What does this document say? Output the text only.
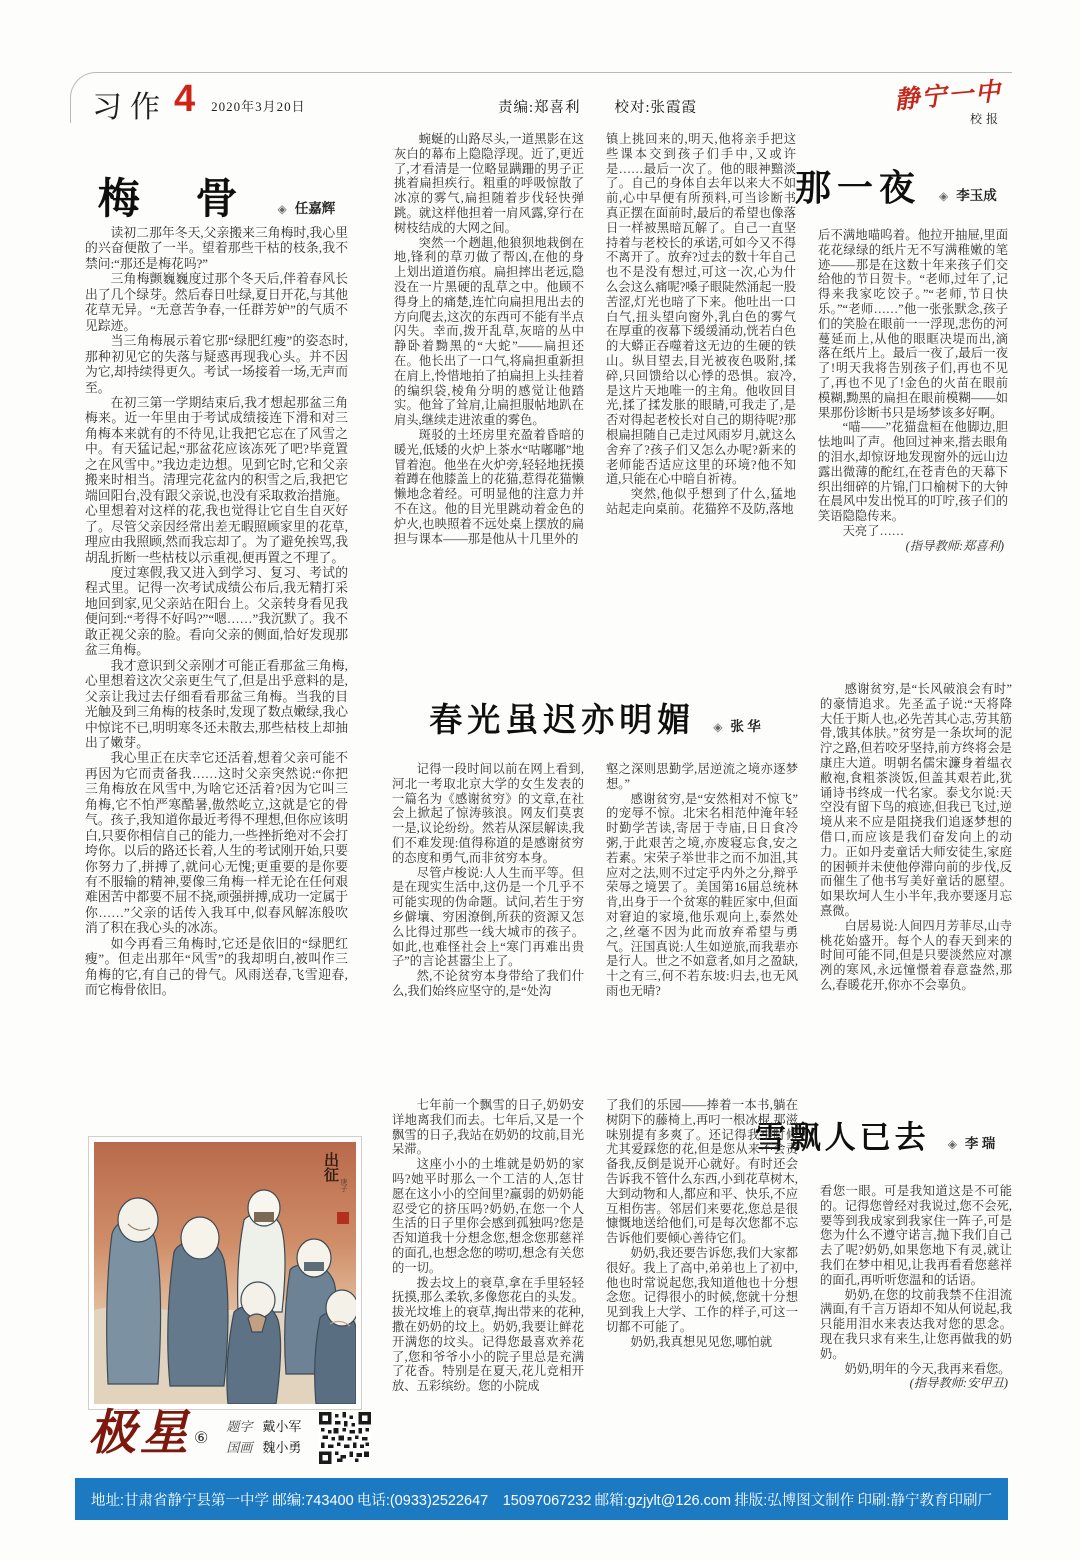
习作 4 2020年3月20日	责编:郑喜利 校对:张霞霞	静宁一中
校报
梅 骨 ◈ 任嘉辉

读初二那年冬天,父亲搬来三角梅时,我心里的兴奋便散了一半。望着那些干枯的枝条,我不禁问:“那还是梅花吗?”

三角梅颤巍巍度过那个冬天后,伴着春风长出了几个绿芽。然后春日吐绿,夏日开花,与其他花草无异。“无意苦争春,一任群芳妒”的气质不见踪迹。

当三角梅展示着它那“绿肥红瘦”的姿态时,那种初见它的失落与疑惑再现我心头。并不因为它,却持续得更久。考试一场接着一场,无声而至。

在初三第一学期结束后,我才想起那盆三角梅来。近一年里由于考试成绩接连下滑和对三角梅本来就有的不待见,让我把它忘在了风雪之中。有天猛记起,“那盆花应该冻死了吧?毕竟置之在风雪中。”我边走边想。见到它时,它和父亲搬来时相当。清理完花盆内的积雪之后,我把它端回阳台,没有跟父亲说,也没有采取救治措施。心里想着对这样的花,我也觉得让它自生自灭好了。尽管父亲因经常出差无暇照顾家里的花草,理应由我照顾,然而我忘却了。为了避免挨骂,我胡乱折断一些枯枝以示重视,便再置之不理了。

度过寒假,我又进入到学习、复习、考试的程式里。记得一次考试成绩公布后,我无精打采地回到家,见父亲站在阳台上。父亲转身看见我便问到:“考得不好吗?”“嗯……”我沉默了。我不敢正视父亲的脸。看向父亲的侧面,恰好发现那盆三角梅。

我才意识到父亲刚才可能正看那盆三角梅,心里想着这次父亲更生气了,但是出乎意料的是,父亲让我过去仔细看看那盆三角梅。当我的目光触及到三角梅的枝条时,发现了数点嫩绿,我心中惊诧不已,明明寒冬还未散去,那些枯枝上却抽出了嫩芽。

我心里正在庆幸它还活着,想着父亲可能不再因为它而责备我……这时父亲突然说:“你把三角梅放在风雪中,为啥它还活着?因为它叫三角梅,它不怕严寒酷暑,傲然屹立,这就是它的骨气。孩子,我知道你最近考得不理想,但你应该明白,只要你相信自己的能力,一些挫折绝对不会打垮你。以后的路还长着,人生的考试刚开始,只要你努力了,拼搏了,就问心无愧;更重要的是你要有不服输的精神,要像三角梅一样无论在任何艰难困苦中都要不屈不挠,顽强拼搏,成功一定属于你……”父亲的话传入我耳中,似春风解冻般吹消了积在我心头的冰冻。

如今再看三角梅时,它还是依旧的“绿肥红瘦”。但走出那年“风雪”的我却明白,被叫作三角梅的它,有自己的骨气。风雨送春,飞雪迎春,而它梅骨依旧。

那一夜 ◈ 李玉成

蜿蜒的山路尽头,一道黑影在这灰白的幕布上隐隐浮现。近了,更近了,才看清是一位略显蹒跚的男子正挑着扁担疾行。粗重的呼吸惊散了冰凉的雾气,扁担随着步伐轻快弹跳。就这样他担着一肩风露,穿行在树枝结成的大网之间。

突然一个趔趄,他狼狈地栽倒在地,锋利的草刃做了帮凶,在他的身上划出道道伤痕。扁担摔出老远,隐没在一片黑硬的乱草之中。他顾不得身上的痛楚,连忙向扁担甩出去的方向爬去,这次的东西可不能有半点闪失。幸而,拨开乱草,灰暗的丛中静卧着黝黑的“大蛇”——扁担还在。他长出了一口气,将扁担重新担在肩上,怜惜地拍了拍扁担上头挂着的编织袋,棱角分明的感觉让他踏实。他耸了耸肩,让扁担服帖地趴在肩头,继续走进浓重的雾色。

斑驳的土坯房里充盈着昏暗的暖光,低矮的火炉上茶水“咕嘟嘟”地冒着泡。他坐在火炉旁,轻轻地抚摸着蹲在他膝盖上的花猫,惹得花猫懒懒地念着经。可明显他的注意力并不在这。他的目光里跳动着金色的炉火,也映照着不远处桌上摆放的扁担与课本——那是他从十几里外的

镇上挑回来的,明天,他将亲手把这些课本交到孩子们手中,又或许是……最后一次了。他的眼神黯淡了。自己的身体自去年以来大不如前,心中早便有所预料,可当诊断书真正摆在面前时,最后的希望也像落日一样被黑暗瓦解了。自己一直坚持着与老校长的承诺,可如今又不得不离开了。放弃?过去的数十年自己也不是没有想过,可这一次,心为什么会这么痛呢?嗓子眼陡然涌起一股苦涩,灯光也暗了下来。他吐出一口白气,扭头望向窗外,乳白色的雾气在厚重的夜幕下缓缓涌动,恍若白色的大蟒正吞噬着这无边的生硬的铁山。纵目望去,目光被夜色吸附,揉碎,只回馈给以心悸的恐惧。寂冷,是这片天地唯一的主角。他收回目光,揉了揉发胀的眼睛,可我走了,是否对得起老校长对自己的期待呢?那根扁担随自己走过风雨岁月,就这么舍弃了?孩子们又怎么办呢?新来的老师能否适应这里的环境?他不知道,只能在心中暗自祈祷。

突然,他似乎想到了什么,猛地站起走向桌前。花猫猝不及防,落地

后不满地喵呜着。他拉开抽屉,里面花花绿绿的纸片无不写满稚嫩的笔迹——那是在这数十年来孩子们交给他的节日贺卡。“老师,过年了,记得来我家吃饺子。”“老师,节日快乐。”“老师……”他一张张默念,孩子们的笑脸在眼前一一浮现,悲伤的河蔓延而上,从他的眼眶决堤而出,滴落在纸片上。最后一夜了,最后一夜了!明天我将告别孩子们,再也不见了,再也不见了!金色的火苗在眼前模糊,黝黑的扁担在眼前模糊——如果那份诊断书只是场梦该多好啊。

“喵——”花猫盘桓在他脚边,胆怯地叫了声。他回过神来,揩去眼角的泪水,却惊讶地发现窗外的远山边露出微薄的酡红,在苍青色的天幕下织出细碎的片锦,门口榆树下的大钟在晨风中发出悦耳的叮咛,孩子们的笑语隐隐传来。

天亮了……

(指导教师:郑喜利)

春光虽迟亦明媚 ◈ 张 华

记得一段时间以前在网上看到,河北一考取北京大学的女生发表的一篇名为《感谢贫穷》的文章,在社会上掀起了惊涛骇浪。网友们莫衷一是,议论纷纷。然若从深层解读,我们不难发现:值得称道的是感谢贫穷的态度和勇气,而非贫穷本身。

尽管卢梭说:人人生而平等。但是在现实生活中,这仍是一个几乎不可能实现的伪命题。试问,若生于穷乡僻壤、穷困潦倒,所获的资源又怎么比得过那些一线大城市的孩子。如此,也难怪社会上“寒门再难出贵子”的言论甚嚣尘上了。

然,不论贫穷本身带给了我们什么,我们始终应坚守的,是“处沟

壑之深则思勤学,居逆流之境亦逐梦想。”

感谢贫穷,是“安然相对不惊飞”的宠辱不惊。北宋名相范仲淹年轻时勤学苦读,寄居于寺庙,日日食冷粥,于此艰苦之境,亦废寝忘食,安之若素。宋荣子举世非之而不加沮,其应对之法,则不过定乎内外之分,辩乎荣辱之境罢了。美国第16届总统林肯,出身于一个贫寒的鞋匠家中,但面对窘迫的家境,他乐观向上,泰然处之,丝毫不因为此而放弃希望与勇气。汪国真说:人生如逆旅,而我辈亦是行人。世之不如意者,如月之盈缺,十之有三,何不若东坡:归去,也无风雨也无晴?

感谢贫穷,是“长风破浪会有时”的豪情追求。先圣孟子说:“天将降大任于斯人也,必先苦其心志,劳其筋骨,饿其体肤。”贫穷是一条坎坷的泥泞之路,但若咬牙坚持,前方终将会是康庄大道。明朝名儒宋濂身着缊衣敝袍,食粗茶淡饭,但盖其艰若此,犹诵诗书终成一代名家。泰戈尔说:天空没有留下鸟的痕迹,但我已飞过,逆境从来不应是阻挠我们追逐梦想的借口,而应该是我们奋发向上的动力。正如丹麦童话大师安徒生,家庭的困顿并未使他停滞向前的步伐,反而催生了他书写美好童话的愿望。如果坎坷人生小半年,我亦要逐月忘熹微。

白居易说:人间四月芳菲尽,山寺桃花始盛开。每个人的春天到来的时间可能不同,但是只要淡然应对凛冽的寒风,永远憧憬着春意盎然,那么,春暖花开,你亦不会辜负。

雪飘人已去 ◈ 李 瑞

七年前一个飘雪的日子,奶奶安详地离我们而去。七年后,又是一个飘雪的日子,我站在奶奶的坟前,目光呆滞。

这座小小的土堆就是奶奶的家吗?她平时那么一个工洁的人,怎甘愿在这小小的空间里?羸弱的奶奶能忍受它的挤压吗?奶奶,在您一个人生活的日子里你会感到孤独吗?您是否知道我十分想念您,想念您那慈祥的面孔,也想念您的唠叨,想念有关您的一切。

拨去坟上的衰草,拿在手里轻轻抚摸,那么柔软,多像您花白的头发。拔光坟堆上的衰草,掏出带来的花种,撒在奶奶的坟上。奶奶,我要让鲜花开满您的坟头。记得您最喜欢养花了,您和爷爷小小的院子里总是充满了花香。特别是在夏天,花儿竞相开放、五彩缤纷。您的小院成

了我们的乐园——捧着一本书,躺在树阴下的藤椅上,再叼一根冰棍,那滋味别提有多爽了。还记得我小时候尤其爱踩您的花,但是您从来不会责备我,反倒是说开心就好。有时还会告诉我不管什么东西,小到花草树木,大到动物和人,都应和平、快乐,不应互相伤害。邻居们来要花,您总是很慷慨地送给他们,可是每次您都不忘告诉他们要倾心善待它们。

奶奶,我还要告诉您,我们大家都很好。我上了高中,弟弟也上了初中,他也时常说起您,我知道他也十分想念您。记得很小的时候,您就十分想见到我上大学、工作的样子,可这一切都不可能了。

奶奶,我真想见见您,哪怕就

看您一眼。可是我知道这是不可能的。记得您曾经对我说过,您不会死,要等到我成家到我家住一阵子,可是您为什么不遵守诺言,抛下我们自己去了呢?奶奶,如果您地下有灵,就让我们在梦中相见,让我再看看您慈祥的面孔,再听听您温和的话语。

奶奶,在您的坟前我禁不住泪流满面,有千言万语却不知从何说起,我只能用泪水来表达我对您的思念。现在我只求有来生,让您再做我的奶奶。

奶奶,明年的今天,我再来看您。

(指导教师:安甲丑)

出征
庚子
极星 ⑥
题字 戴小军
国画 魏小勇
地址:甘肃省静宁县第一中学 邮编:743400 电话:(0933)2522647　15097067232 邮箱:gzjylt@126.com 排版:弘博图文制作 印刷:静宁教育印刷厂
